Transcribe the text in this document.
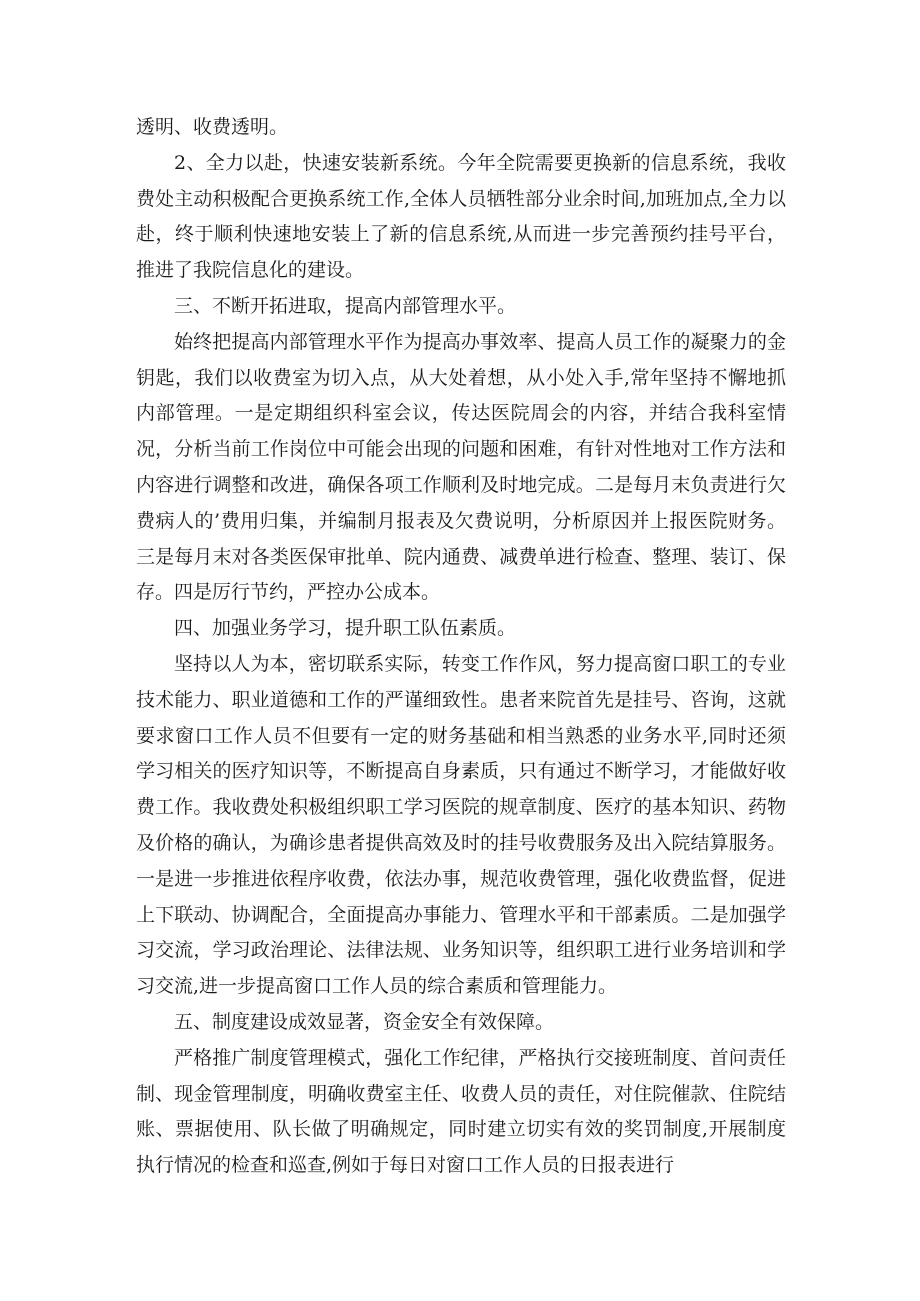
透明、收费透明。

2、全力以赴，快速安装新系统。今年全院需要更换新的信息系统，我收费处主动积极配合更换系统工作,全体人员牺牲部分业余时间,加班加点,全力以赴，终于顺利快速地安装上了新的信息系统,从而进一步完善预约挂号平台，推进了我院信息化的建设。

三、不断开拓进取，提高内部管理水平。

始终把提高内部管理水平作为提高办事效率、提高人员工作的凝聚力的金钥匙，我们以收费室为切入点，从大处着想，从小处入手,常年坚持不懈地抓内部管理。一是定期组织科室会议，传达医院周会的内容，并结合我科室情况，分析当前工作岗位中可能会出现的问题和困难，有针对性地对工作方法和内容进行调整和改进，确保各项工作顺利及时地完成。二是每月末负责进行欠费病人的’费用归集，并编制月报表及欠费说明，分析原因并上报医院财务。三是每月末对各类医保审批单、院内通费、减费单进行检查、整理、装订、保存。四是厉行节约，严控办公成本。

四、加强业务学习，提升职工队伍素质。

坚持以人为本，密切联系实际，转变工作作风，努力提高窗口职工的专业技术能力、职业道德和工作的严谨细致性。患者来院首先是挂号、咨询，这就要求窗口工作人员不但要有一定的财务基础和相当熟悉的业务水平,同时还须学习相关的医疗知识等，不断提高自身素质，只有通过不断学习，才能做好收费工作。我收费处积极组织职工学习医院的规章制度、医疗的基本知识、药物及价格的确认，为确诊患者提供高效及时的挂号收费服务及出入院结算服务。一是进一步推进依程序收费，依法办事，规范收费管理，强化收费监督，促进上下联动、协调配合，全面提高办事能力、管理水平和干部素质。二是加强学习交流，学习政治理论、法律法规、业务知识等，组织职工进行业务培训和学习交流,进一步提高窗口工作人员的综合素质和管理能力。

五、制度建设成效显著，资金安全有效保障。

严格推广制度管理模式，强化工作纪律，严格执行交接班制度、首问责任制、现金管理制度，明确收费室主任、收费人员的责任，对住院催款、住院结账、票据使用、队长做了明确规定，同时建立切实有效的奖罚制度,开展制度执行情况的检查和巡查,例如于每日对窗口工作人员的日报表进行
